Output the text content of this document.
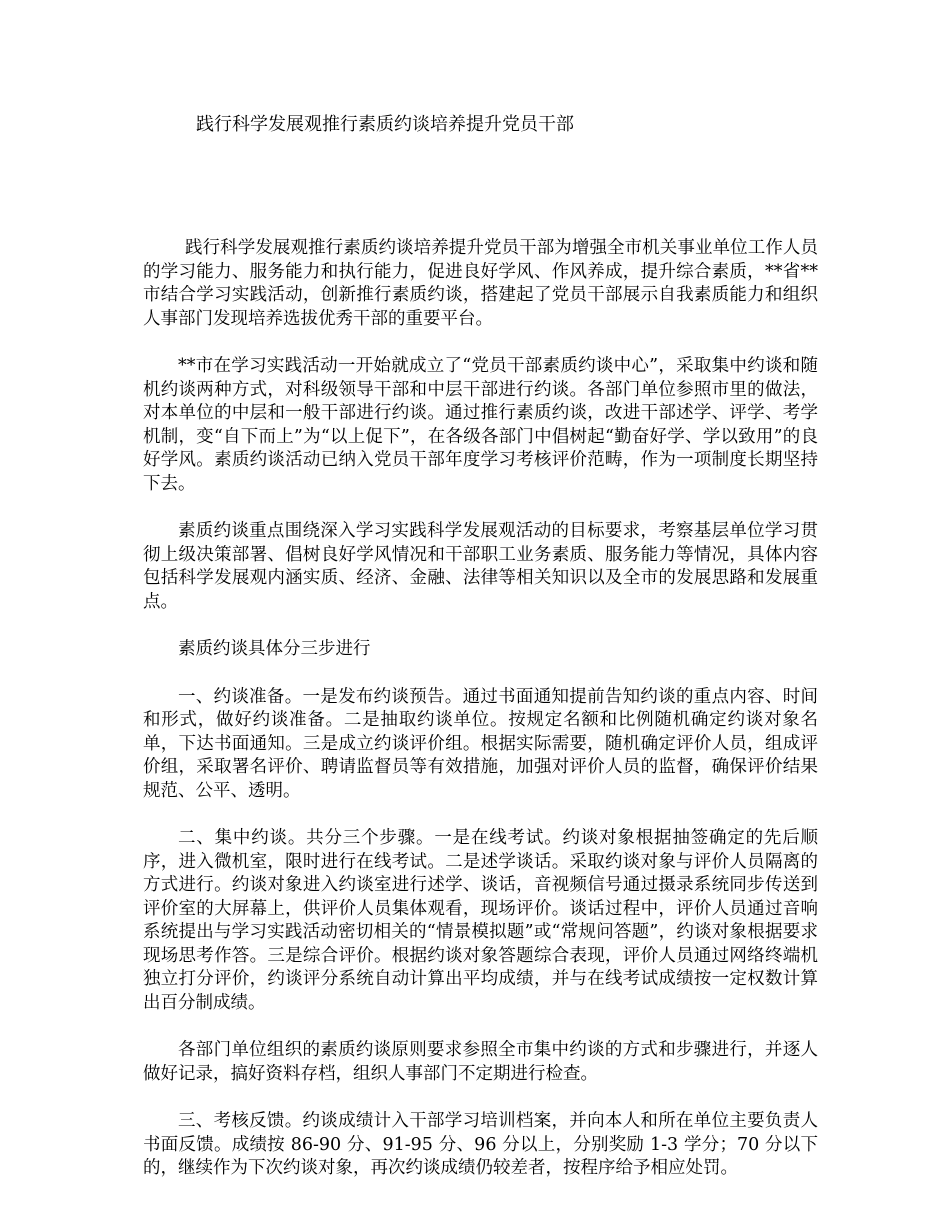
践行科学发展观推行素质约谈培养提升党员干部

践行科学发展观推行素质约谈培养提升党员干部为增强全市机关事业单位工作人员的学习能力、服务能力和执行能力，促进良好学风、作风养成，提升综合素质，**省**市结合学习实践活动，创新推行素质约谈，搭建起了党员干部展示自我素质能力和组织人事部门发现培养选拔优秀干部的重要平台。

**市在学习实践活动一开始就成立了“党员干部素质约谈中心”，采取集中约谈和随机约谈两种方式，对科级领导干部和中层干部进行约谈。各部门单位参照市里的做法，对本单位的中层和一般干部进行约谈。通过推行素质约谈，改进干部述学、评学、考学机制，变“自下而上”为“以上促下”，在各级各部门中倡树起“勤奋好学、学以致用”的良好学风。素质约谈活动已纳入党员干部年度学习考核评价范畴，作为一项制度长期坚持下去。

素质约谈重点围绕深入学习实践科学发展观活动的目标要求，考察基层单位学习贯彻上级决策部署、倡树良好学风情况和干部职工业务素质、服务能力等情况，具体内容包括科学发展观内涵实质、经济、金融、法律等相关知识以及全市的发展思路和发展重点。

素质约谈具体分三步进行

一、约谈准备。一是发布约谈预告。通过书面通知提前告知约谈的重点内容、时间和形式，做好约谈准备。二是抽取约谈单位。按规定名额和比例随机确定约谈对象名单，下达书面通知。三是成立约谈评价组。根据实际需要，随机确定评价人员，组成评价组，采取署名评价、聘请监督员等有效措施，加强对评价人员的监督，确保评价结果规范、公平、透明。

二、集中约谈。共分三个步骤。一是在线考试。约谈对象根据抽签确定的先后顺序，进入微机室，限时进行在线考试。二是述学谈话。采取约谈对象与评价人员隔离的方式进行。约谈对象进入约谈室进行述学、谈话，音视频信号通过摄录系统同步传送到评价室的大屏幕上，供评价人员集体观看，现场评价。谈话过程中，评价人员通过音响系统提出与学习实践活动密切相关的“情景模拟题”或“常规问答题”，约谈对象根据要求现场思考作答。三是综合评价。根据约谈对象答题综合表现，评价人员通过网络终端机独立打分评价，约谈评分系统自动计算出平均成绩，并与在线考试成绩按一定权数计算出百分制成绩。

各部门单位组织的素质约谈原则要求参照全市集中约谈的方式和步骤进行，并逐人做好记录，搞好资料存档，组织人事部门不定期进行检查。

三、考核反馈。约谈成绩计入干部学习培训档案，并向本人和所在单位主要负责人书面反馈。成绩按 86-90 分、91-95 分、96 分以上，分别奖励 1-3 学分；70 分以下的，继续作为下次约谈对象，再次约谈成绩仍较差者，按程序给予相应处罚。
